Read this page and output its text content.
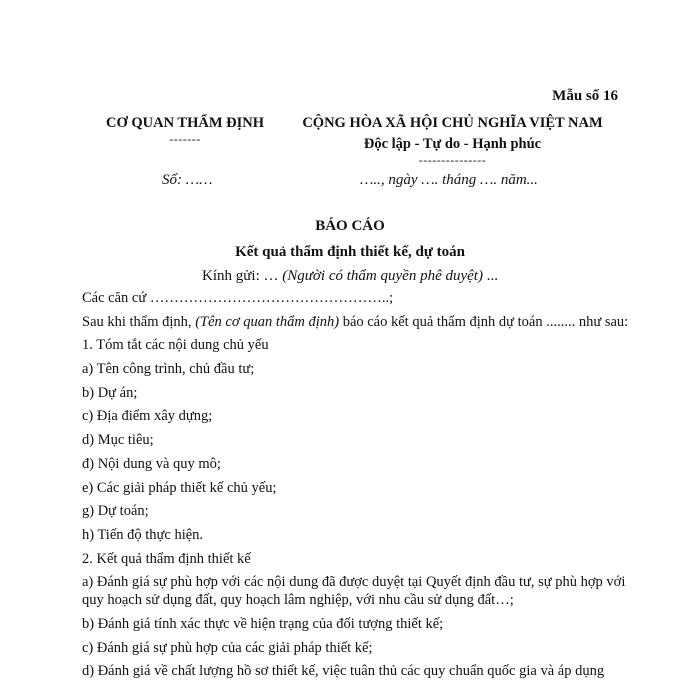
Mẫu số 16
CƠ QUAN THẨM ĐỊNH
-------
CỘNG HÒA XÃ HỘI CHỦ NGHĨA VIỆT NAM
Độc lập - Tự do - Hạnh phúc
---------------
Số: ……	….., ngày …. tháng …. năm...
BÁO CÁO
Kết quả thẩm định thiết kế, dự toán
Kính gửi: … (Người có thẩm quyền phê duyệt) ...

Các căn cứ …………………………………………..;

Sau khi thẩm định, (Tên cơ quan thẩm định) báo cáo kết quả thẩm định dự toán ........ như sau:

1. Tóm tắt các nội dung chủ yếu

a) Tên công trình, chủ đầu tư;

b) Dự án;

c) Địa điểm xây dựng;

d) Mục tiêu;

đ) Nội dung và quy mô;

e) Các giải pháp thiết kế chủ yếu;

g) Dự toán;

h) Tiến độ thực hiện.

2. Kết quả thẩm định thiết kế

a) Đánh giá sự phù hợp với các nội dung đã được duyệt tại Quyết định đầu tư, sự phù hợp với quy hoạch sử dụng đất, quy hoạch lâm nghiệp, với nhu cầu sử dụng đất…;

b) Đánh giá tính xác thực về hiện trạng của đối tượng thiết kế;

c) Đánh giá sự phù hợp của các giải pháp thiết kế;

d) Đánh giá về chất lượng hồ sơ thiết kế, việc tuân thủ các quy chuẩn quốc gia và áp dụng
